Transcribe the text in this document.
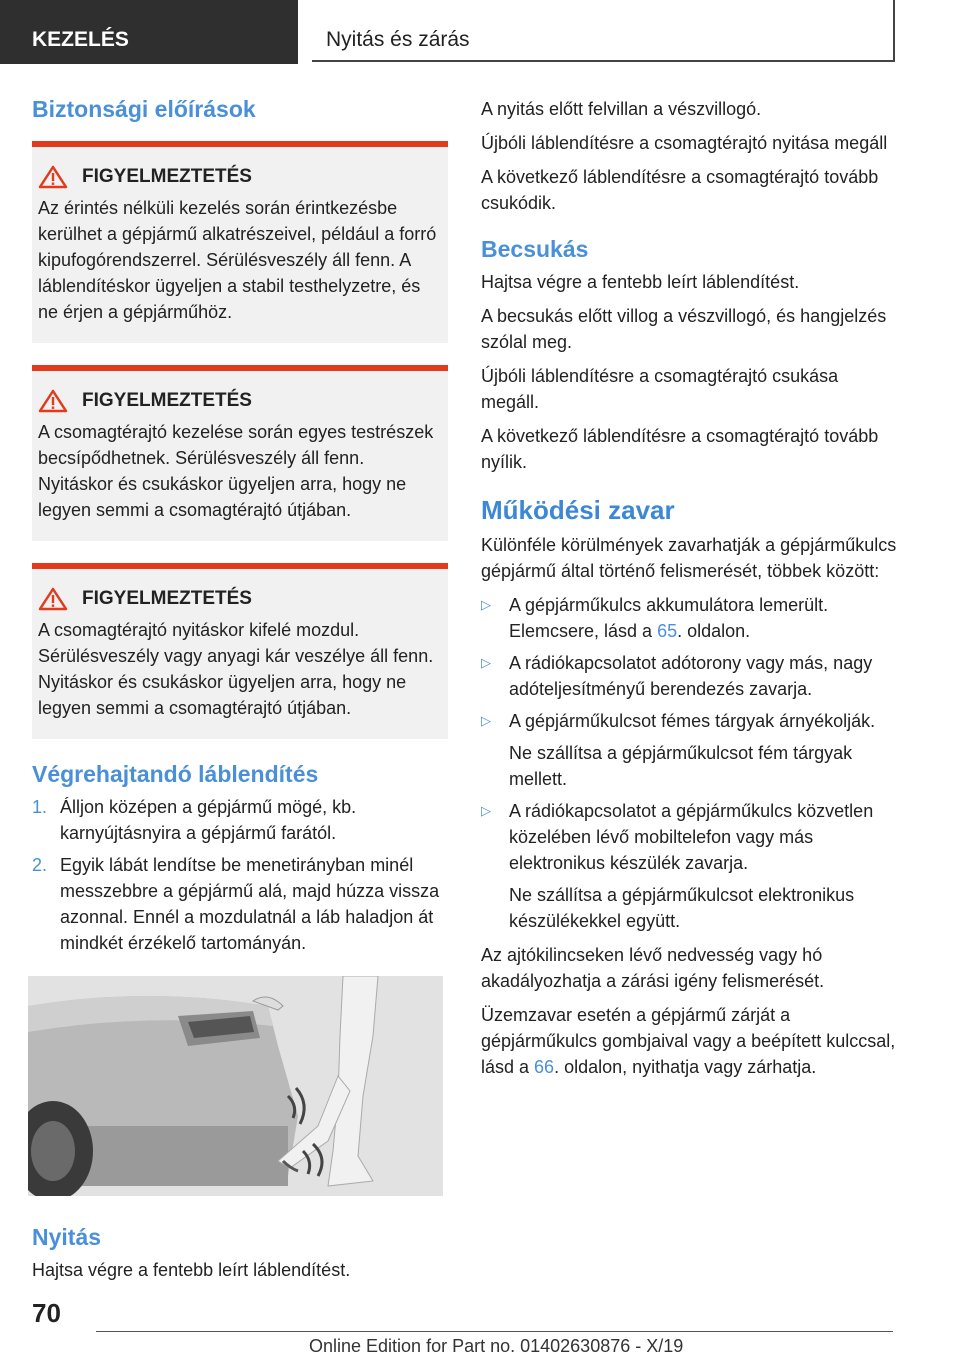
KEZELÉS	Nyitás és zárás
Biztonsági előírások
FIGYELMEZTETÉS

Az érintés nélküli kezelés során érintkezésbe kerülhet a gépjármű alkatrészeivel, például a forró kipufogórendszerrel. Sérülésveszély áll fenn. A láblendítéskor ügyeljen a stabil testhelyzetre, és ne érjen a gépjárműhöz.

FIGYELMEZTETÉS

A csomagtérajtó kezelése során egyes testrészek becsípődhetnek. Sérülésveszély áll fenn. Nyitáskor és csukáskor ügyeljen arra, hogy ne legyen semmi a csomagtérajtó útjában.

FIGYELMEZTETÉS

A csomagtérajtó nyitáskor kifelé mozdul. Sérülésveszély vagy anyagi kár veszélye áll fenn. Nyitáskor és csukáskor ügyeljen arra, hogy ne legyen semmi a csomagtérajtó útjában.

Végrehajtandó láblendítés
1. Álljon középen a gépjármű mögé, kb. karnyújtásnyira a gépjármű farától.
2. Egyik lábát lendítse be menetirányban minél messzebbre a gépjármű alá, majd húzza vissza azonnal. Ennél a mozdulatnál a láb haladjon át mindkét érzékelő tartományán.
Nyitás

Hajtsa végre a fentebb leírt láblendítést.

A nyitás előtt felvillan a vészvillogó.

Újbóli láblendítésre a csomagtérajtó nyitása megáll

A következő láblendítésre a csomagtérajtó tovább csukódik.

Becsukás

Hajtsa végre a fentebb leírt láblendítést.

A becsukás előtt villog a vészvillogó, és hangjelzés szólal meg.

Újbóli láblendítésre a csomagtérajtó csukása megáll.

A következő láblendítésre a csomagtérajtó tovább nyílik.

Működési zavar

Különféle körülmények zavarhatják a gépjárműkulcs gépjármű által történő felismerését, többek között:

▷	A gépjárműkulcs akkumulátora lemerült. Elemcsere, lásd a 65. oldalon.
▷	A rádiókapcsolatot adótorony vagy más, nagy adóteljesítményű berendezés zavarja.
▷	A gépjárműkulcsot fémes tárgyak árnyékolják.
Ne szállítsa a gépjárműkulcsot fém tárgyak mellett.
▷	A rádiókapcsolatot a gépjárműkulcs közvetlen közelében lévő mobiltelefon vagy más elektronikus készülék zavarja.
Ne szállítsa a gépjárműkulcsot elektronikus készülékekkel együtt.

Az ajtókilincseken lévő nedvesség vagy hó akadályozhatja a zárási igény felismerését.

Üzemzavar esetén a gépjármű zárját a gépjárműkulcs gombjaival vagy a beépített kulccsal, lásd a 66. oldalon, nyithatja vagy zárhatja.

70
Online Edition for Part no. 01402630876 - X/19
